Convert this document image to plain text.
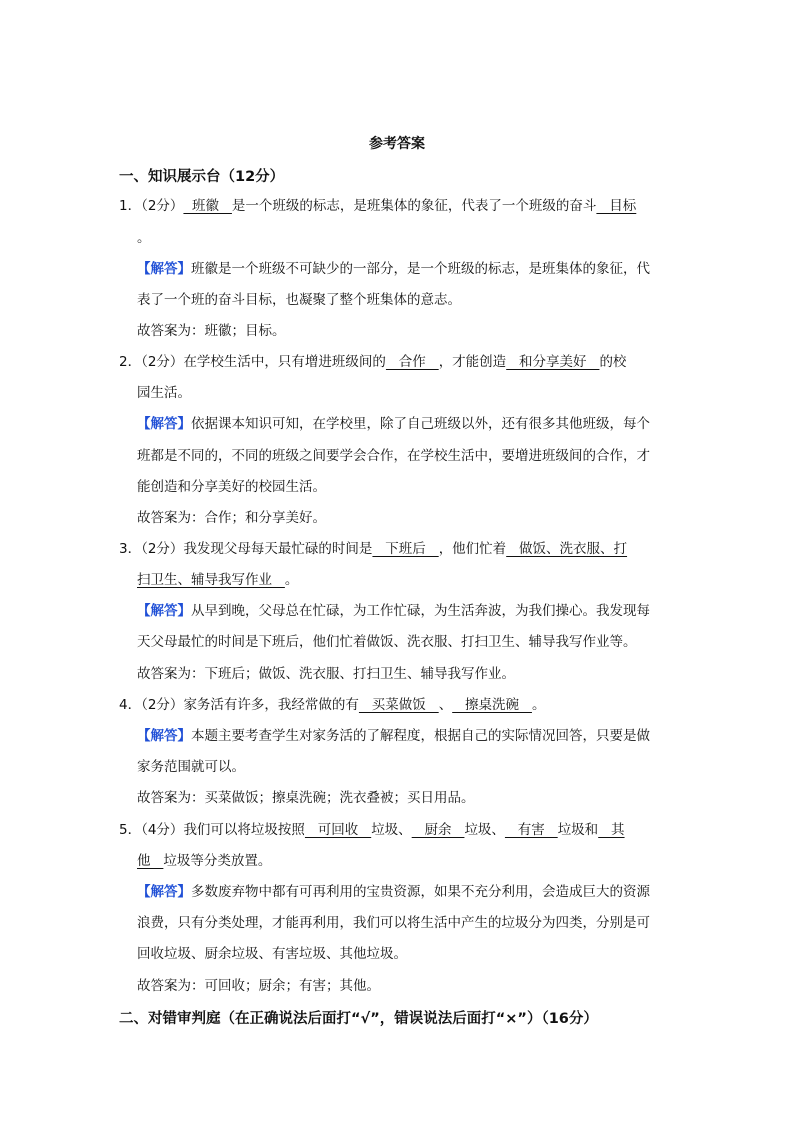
参考答案
一、知识展示台（12分）
1．（2分）  班徽   是一个班级的标志，是班集体的象征，代表了一个班级的奋斗   目标
。
【解答】班徽是一个班级不可缺少的一部分，是一个班级的标志，是班集体的象征，代
表了一个班的奋斗目标，也凝聚了整个班集体的意志。
故答案为：班徽；目标。
2．（2分）在学校生活中，只有增进班级间的   合作   ，才能创造   和分享美好   的校
园生活。
【解答】依据课本知识可知，在学校里，除了自己班级以外，还有很多其他班级，每个
班都是不同的，不同的班级之间要学会合作，在学校生活中，要增进班级间的合作，才
能创造和分享美好的校园生活。
故答案为：合作；和分享美好。
3．（2分）我发现父母每天最忙碌的时间是   下班后   ，他们忙着   做饭、洗衣服、打
扫卫生、辅导我写作业   。
【解答】从早到晚，父母总在忙碌，为工作忙碌，为生活奔波，为我们操心。我发现每
天父母最忙的时间是下班后，他们忙着做饭、洗衣服、打扫卫生、辅导我写作业等。
故答案为：下班后；做饭、洗衣服、打扫卫生、辅导我写作业。
4．（2分）家务活有许多，我经常做的有   买菜做饭   、   擦桌洗碗   。
【解答】本题主要考查学生对家务活的了解程度，根据自己的实际情况回答，只要是做
家务范围就可以。
故答案为：买菜做饭；擦桌洗碗；洗衣叠被；买日用品。
5．（4分）我们可以将垃圾按照   可回收   垃圾、   厨余   垃圾、   有害   垃圾和   其
他   垃圾等分类放置。
【解答】多数废弃物中都有可再利用的宝贵资源，如果不充分利用，会造成巨大的资源
浪费，只有分类处理，才能再利用，我们可以将生活中产生的垃圾分为四类，分别是可
回收垃圾、厨余垃圾、有害垃圾、其他垃圾。
故答案为：可回收；厨余；有害；其他。
二、对错审判庭（在正确说法后面打“√”，错误说法后面打“×”）（16分）
